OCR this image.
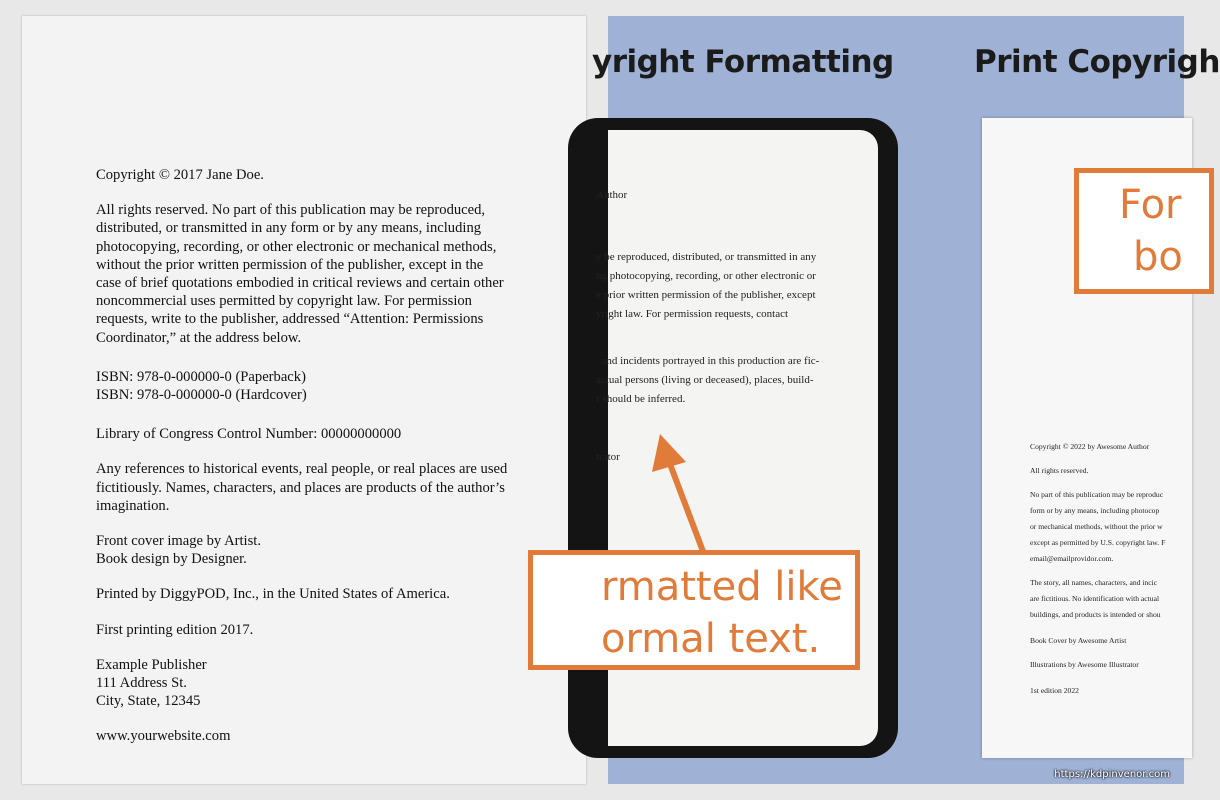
Copyright © 2017 Jane Doe.

All rights reserved. No part of this publication may be reproduced,
distributed, or transmitted in any form or by any means, including
photocopying, recording, or other electronic or mechanical methods,
without the prior written permission of the publisher, except in the
case of brief quotations embodied in critical reviews and certain other
noncommercial uses permitted by copyright law. For permission
requests, write to the publisher, addressed “Attention: Permissions
Coordinator,” at the address below.

ISBN: 978-0-000000-0 (Paperback)
ISBN: 978-0-000000-0 (Hardcover)

Library of Congress Control Number: 00000000000

Any references to historical events, real people, or real places are used
fictitiously. Names, characters, and places are products of the author’s
imagination.

Front cover image by Artist.
Book design by Designer.

Printed by DiggyPOD, Inc., in the United States of America.

First printing edition 2017.

Example Publisher
111 Address St.
City, State, 12345

www.yourwebsite.com

yright Formatting	Print Copyrigh
Author
y be reproduced, distributed, or transmitted in any
ng photocopying, recording, or other electronic or
e prior written permission of the publisher, except
yright law. For permission requests, contact
, and incidents portrayed in this production are fic-
actual persons (living or deceased), places, build-
r should be inferred.
trator
Copyright © 2022 by Awesome Author
All rights reserved.
No part of this publication may be reproduc
form or by any means, including photocop
or mechanical methods, without the prior w
except as permitted by U.S. copyright law. F
email@emailprovidor.com.
The story, all names, characters, and incic
are fictitious. No identification with actual
buildings, and products is intended or shou
Book Cover by Awesome Artist
Illustrations by Awesome Illustrator
1st edition 2022
rmatted like
ormal text.
For
bo
https://kdpinvenor.com
